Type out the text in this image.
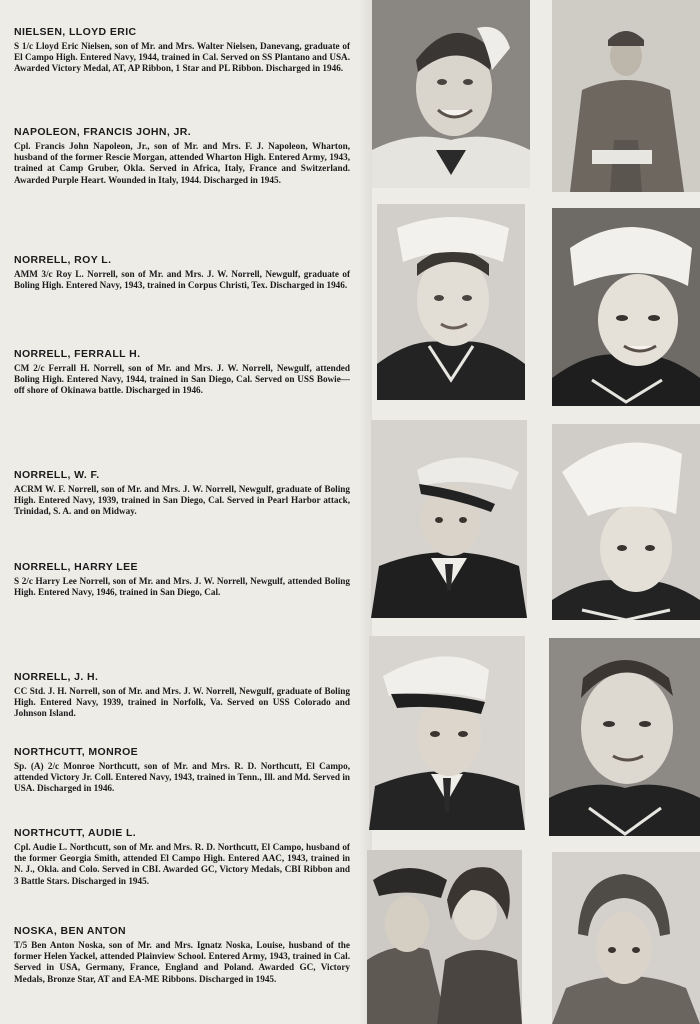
NIELSEN, LLOYD ERIC

S 1/c Lloyd Eric Nielsen, son of Mr. and Mrs. Walter Nielsen, Danevang, graduate of El Campo High. Entered Navy, 1944, trained in Cal. Served on SS Plantano and USA. Awarded Victory Medal, AT, AP Ribbon, 1 Star and PL Ribbon. Discharged in 1946.

NAPOLEON, FRANCIS JOHN, JR.

Cpl. Francis John Napoleon, Jr., son of Mr. and Mrs. F. J. Napoleon, Wharton, husband of the former Rescie Morgan, attended Wharton High. Entered Army, 1943, trained at Camp Gruber, Okla. Served in Africa, Italy, France and Switzerland. Awarded Purple Heart. Wounded in Italy, 1944. Discharged in 1945.

NORRELL, ROY L.

AMM 3/c Roy L. Norrell, son of Mr. and Mrs. J. W. Norrell, Newgulf, graduate of Boling High. Entered Navy, 1943, trained in Corpus Christi, Tex. Discharged in 1946.

NORRELL, FERRALL H.

CM 2/c Ferrall H. Norrell, son of Mr. and Mrs. J. W. Norrell, Newgulf, attended Boling High. Entered Navy, 1944, trained in San Diego, Cal. Served on USS Bowie—off shore of Okinawa battle. Discharged in 1946.

NORRELL, W. F.

ACRM W. F. Norrell, son of Mr. and Mrs. J. W. Norrell, Newgulf, graduate of Boling High. Entered Navy, 1939, trained in San Diego, Cal. Served in Pearl Harbor attack, Trinidad, S. A. and on Midway.

NORRELL, HARRY LEE

S 2/c Harry Lee Norrell, son of Mr. and Mrs. J. W. Norrell, Newgulf, attended Boling High. Entered Navy, 1946, trained in San Diego, Cal.

NORRELL, J. H.

CC Std. J. H. Norrell, son of Mr. and Mrs. J. W. Norrell, Newgulf, graduate of Boling High. Entered Navy, 1939, trained in Norfolk, Va. Served on USS Colorado and Johnson Island.

NORTHCUTT, MONROE

Sp. (A) 2/c Monroe Northcutt, son of Mr. and Mrs. R. D. Northcutt, El Campo, attended Victory Jr. Coll. Entered Navy, 1943, trained in Tenn., Ill. and Md. Served in USA. Discharged in 1946.

NORTHCUTT, AUDIE L.

Cpl. Audie L. Northcutt, son of Mr. and Mrs. R. D. Northcutt, El Campo, husband of the former Georgia Smith, attended El Campo High. Entered AAC, 1943, trained in N. J., Okla. and Colo. Served in CBI. Awarded GC, Victory Medals, CBI Ribbon and 3 Battle Stars. Discharged in 1945.

NOSKA, BEN ANTON

T/5 Ben Anton Noska, son of Mr. and Mrs. Ignatz Noska, Louise, husband of the former Helen Yackel, attended Plainview School. Entered Army, 1943, trained in Cal. Served in USA, Germany, France, England and Poland. Awarded GC, Victory Medals, Bronze Star, AT and EA-ME Ribbons. Discharged in 1945.
